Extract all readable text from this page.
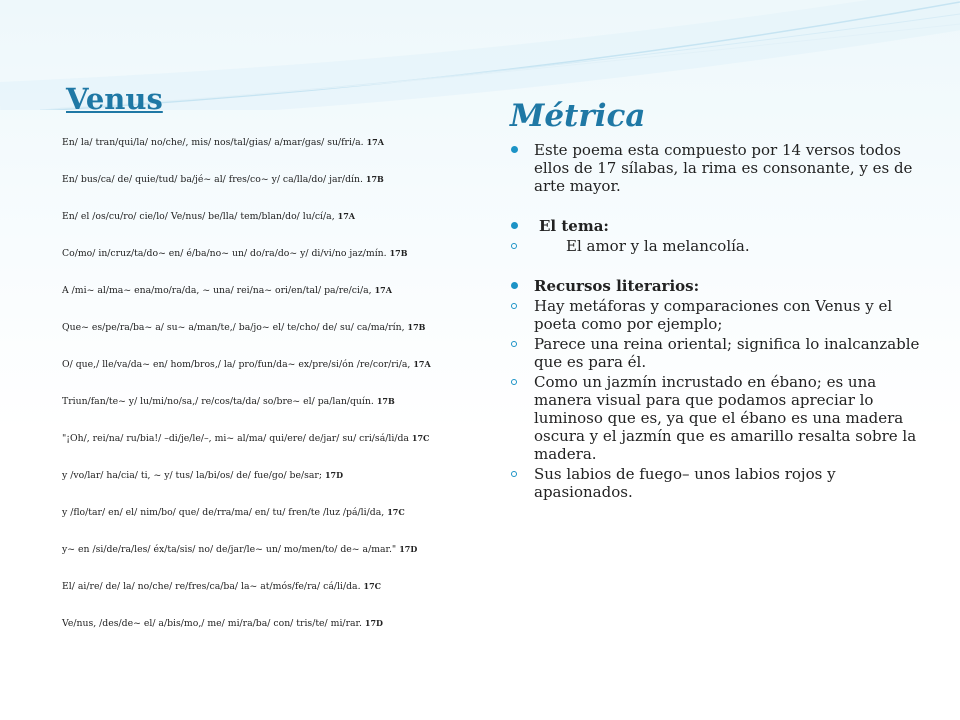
Venus
En/ la/ tran/qui/la/ no/che/, mis/ nos/tal/gias/ a/mar/gas/ su/fri/a. 17A
En/ bus/ca/ de/ quie/tud/ ba/jé~ al/ fres/co~ y/ ca/lla/do/ jar/dín. 17B
En/ el /os/cu/ro/ cie/lo/ Ve/nus/ be/lla/ tem/blan/do/ lu/cí/a, 17A
Co/mo/ in/cruz/ta/do~ en/ é/ba/no~ un/ do/ra/do~ y/ di/vi/no jaz/mín. 17B
A /mi~ al/ma~ ena/mo/ra/da, ~ una/ rei/na~ ori/en/tal/ pa/re/ci/a, 17A
Que~ es/pe/ra/ba~ a/ su~ a/man/te,/ ba/jo~ el/ te/cho/ de/ su/ ca/ma/rín, 17B
O/ que,/ lle/va/da~ en/ hom/bros,/ la/ pro/fun/da~ ex/pre/si/ón /re/cor/ri/a, 17A
Triun/fan/te~ y/ lu/mi/no/sa,/ re/cos/ta/da/ so/bre~ el/ pa/lan/quín. 17B
"¡Oh/, rei/na/ ru/bia!/ –di/je/le/–, mi~ al/ma/ qui/ere/ de/jar/ su/ cri/sá/li/da 17C
y /vo/lar/ ha/cia/ ti, ~ y/ tus/ la/bi/os/ de/ fue/go/ be/sar; 17D
y /flo/tar/ en/ el/ nim/bo/ que/ de/rra/ma/ en/ tu/ fren/te /luz /pá/li/da, 17C
y~ en /si/de/ra/les/ éx/ta/sis/ no/ de/jar/le~ un/ mo/men/to/ de~ a/mar." 17D
El/ ai/re/ de/ la/ no/che/ re/fres/ca/ba/ la~ at/mós/fe/ra/ cá/li/da. 17C
Ve/nus, /des/de~ el/ a/bis/mo,/ me/ mi/ra/ba/ con/ tris/te/ mi/rar. 17D
Métrica
Este poema esta compuesto por 14 versos todos ellos de 17 sílabas, la rima es consonante, y es de arte mayor.
El tema:
El amor y la melancolía.
Recursos literarios:
Hay metáforas y comparaciones con Venus y el poeta como por ejemplo;
Parece una reina oriental; significa lo inalcanzable que es para él.
Como un jazmín incrustado en ébano; es una manera visual para que podamos apreciar lo luminoso que es, ya que el ébano es una madera oscura y el jazmín que es amarillo resalta sobre la madera.
Sus labios de fuego– unos labios rojos y apasionados.
